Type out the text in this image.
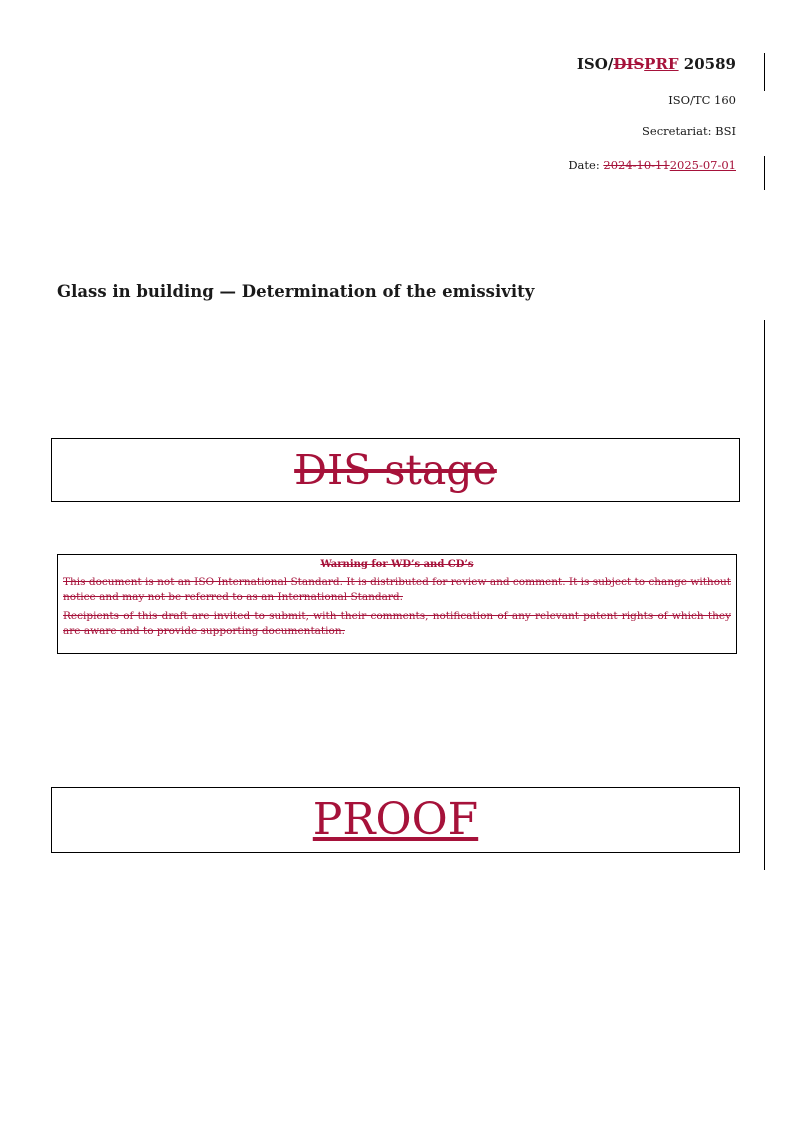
ISO/DISPRF 20589
ISO/TC 160
Secretariat: BSI
Date: 2024-10-112025-07-01
Glass in building — Determination of the emissivity
DIS stage
Warning for WD’s and CD’s

This document is not an ISO International Standard. It is distributed for review and comment. It is subject to change without notice and may not be referred to as an International Standard.

Recipients of this draft are invited to submit, with their comments, notification of any relevant patent rights of which they are aware and to provide supporting documentation.

PROOF
